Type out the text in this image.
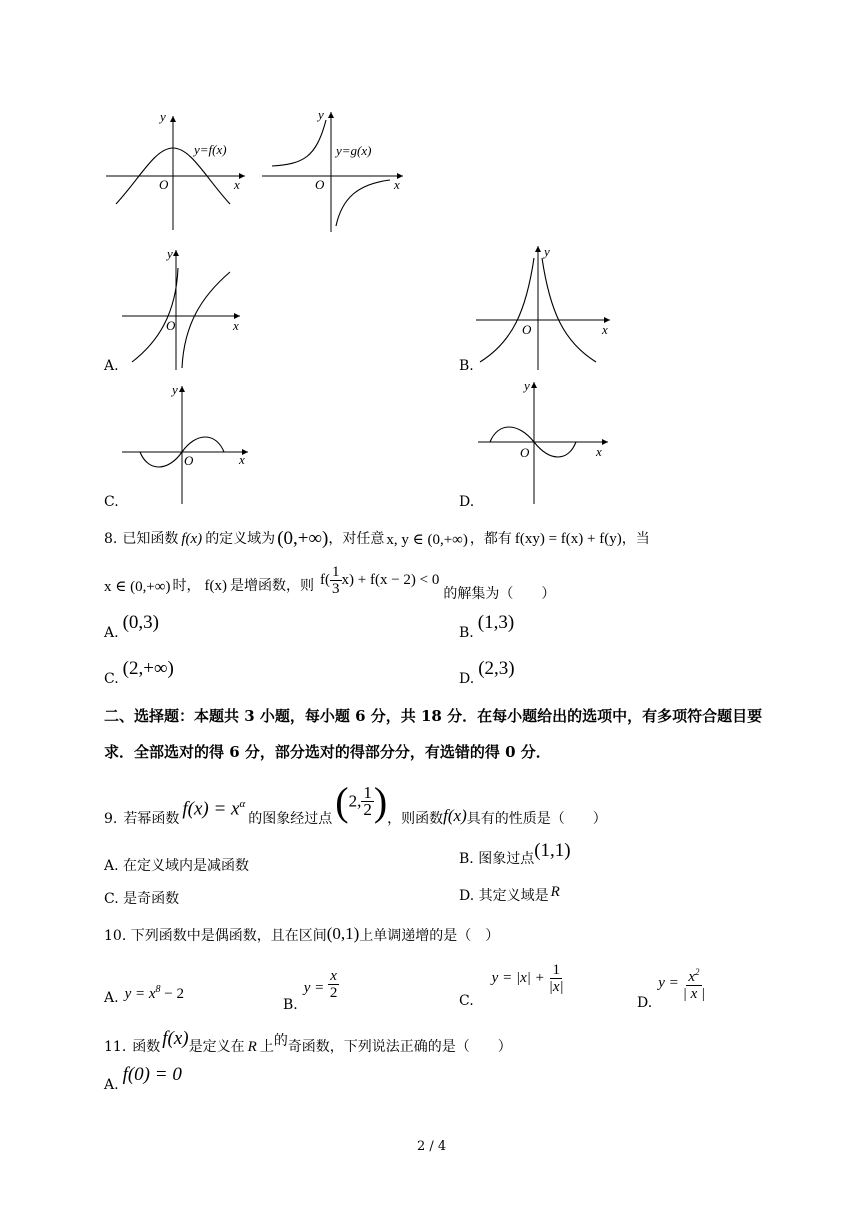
y
x
O
y=f(x)
y
x
O
y=g(x)
y
x
O
A.
y
x
O
B.
y
x
O
C.
y
x
O
D.
8. 已知函数 f(x) 的定义域为 (0,+∞) ，对任意 x, y ∈ (0,+∞) ，都有 f(xy) = f(x) + f(y) ，当
x ∈ (0,+∞) 时， f(x) 是增函数，则 $f( \frac{1}{3} x) + f(x - 2) < 0$
的解集为（　　）
A. (0,3)	B. (1,3)
C. (2,+∞)	D. (2,3)
二、选择题：本题共 3 小题，每小题 6 分，共 18 分．在每小题给出的选项中，有多项符合题目要
求．全部选对的得 6 分，部分选对的得部分分，有选错的得 0 分．
9. 若幂函数 $f(x) = x^\alpha$
的图象经过点 (2, $\frac{1}{2}$ ) ，则函数 f(x) 具有的性质是（　　）
A. 在定义域内是减函数	B. 图象过点 (1,1)
C. 是奇函数	D. 其定义域是 R
10. 下列函数中是偶函数，且在区间 (0,1) 上单调递增的是（　）
A. $y = x^8 - 2$
B.
$y = \frac{x}{2}$	C.
$y = |x| + \frac{1}{|x|}$
D.
$y = \frac{x^2}{| x |}$
11. 函数 f(x) 是定义在 R 上 的 奇函数，下列说法正确的是（　　）
A. f(0) = 0
2 / 4
